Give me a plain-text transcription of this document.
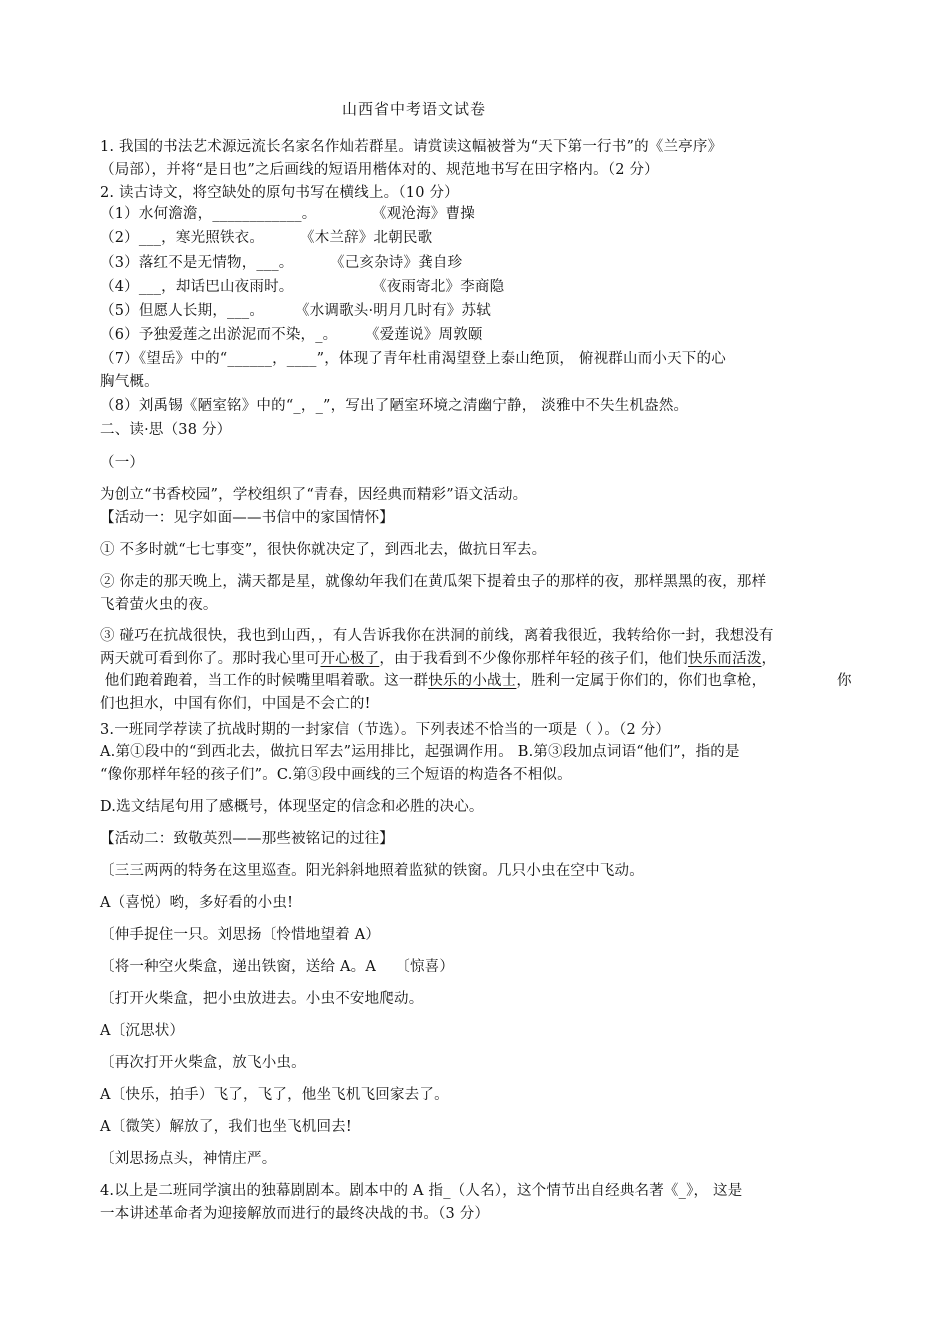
山西省中考语文试卷
1. 我国的书法艺术源远流长名家名作灿若群星。请赏读这幅被誉为“天下第一行书”的《兰亭序》
（局部），并将“是日也”之后画线的短语用楷体对的、规范地书写在田字格内。（2 分）
2. 读古诗文，将空缺处的原句书写在横线上。（10 分）
（1）水何澹澹，____________。	《观沧海》曹操
（2）___，寒光照铁衣。 《木兰辞》北朝民歌
（3）落红不是无情物，___。	《己亥杂诗》龚自珍
（4）___，却话巴山夜雨时。	《夜雨寄北》李商隐
（5）但愿人长期，___。 《水调歌头·明月几时有》苏轼
（6）予独爱莲之出淤泥而不染，_。 《爱莲说》周敦颐
（7）《望岳》中的“______，____”，体现了青年杜甫渴望登上泰山绝顶， 俯视群山而小天下的心
胸气概。
（8）刘禹锡《陋室铭》中的“_，_”，写出了陋室环境之清幽宁静， 淡雅中不失生机盎然。
二、读·思（38 分）
（一）
为创立“书香校园”，学校组织了“青春，因经典而精彩”语文活动。
【活动一：见字如面——书信中的家国情怀】
① 不多时就“七七事变”，很快你就决定了，到西北去，做抗日军去。
② 你走的那天晚上，满天都是星，就像幼年我们在黄瓜架下提着虫子的那样的夜，那样黑黑的夜，那样
飞着萤火虫的夜。
③ 碰巧在抗战很快，我也到山西，，有人告诉我你在洪洞的前线，离着我很近，我转给你一封，我想没有
两天就可看到你了。那时我心里可开心极了，由于我看到不少像你那样年轻的孩子们，他们快乐而活泼，
他们跑着跑着，当工作的时候嘴里唱着歌。这一群快乐的小战士，胜利一定属于你们的，你们也拿枪，	你
们也担水，中国有你们，中国是不会亡的!
3.一班同学荐读了抗战时期的一封家信（节选）。下列表述不恰当的一项是（ ）。（2 分）
A.第①段中的“到西北去，做抗日军去”运用排比，起强调作用。 B.第③段加点词语“他们”，指的是
“像你那样年轻的孩子们”。C.第③段中画线的三个短语的构造各不相似。
D.选文结尾句用了感概号，体现坚定的信念和必胜的决心。
【活动二：致敬英烈——那些被铭记的过往】
〔三三两两的特务在这里巡查。阳光斜斜地照着监狱的铁窗。几只小虫在空中飞动。
A（喜悦）哟，多好看的小虫!
〔伸手捉住一只。刘思扬〔怜惜地望着 A）
〔将一种空火柴盒，递出铁窗，送给 A。A    〔惊喜）
〔打开火柴盒，把小虫放进去。小虫不安地爬动。
A〔沉思状）
〔再次打开火柴盒，放飞小虫。
A〔快乐，拍手）飞了，飞了，他坐飞机飞回家去了。
A〔微笑）解放了，我们也坐飞机回去!
〔刘思扬点头，神情庄严。
4.以上是二班同学演出的独幕剧剧本。剧本中的 A 指_（人名），这个情节出自经典名著《_》， 这是
一本讲述革命者为迎接解放而进行的最终决战的书。（3 分）
